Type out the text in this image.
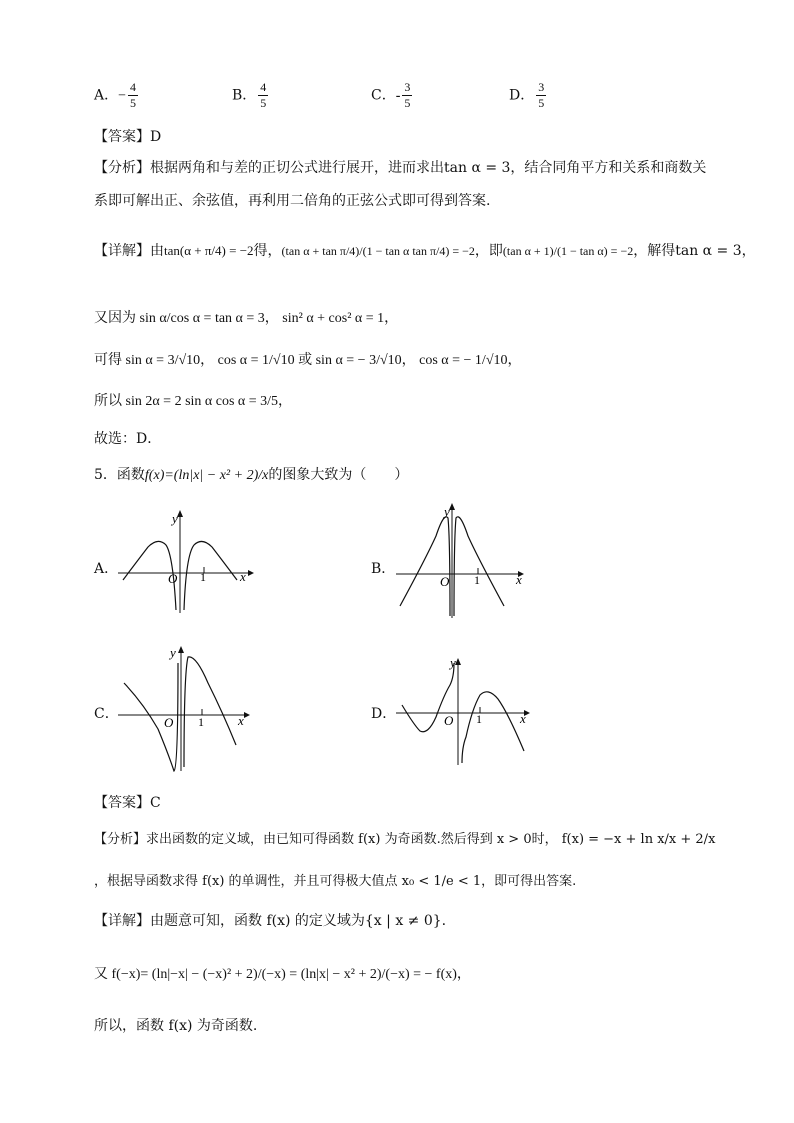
A．− $\frac{4}{5}$	B． $\frac{4}{5}$	C．- $\frac{3}{5}$	D． $\frac{3}{5}$
【答案】D
【分析】根据两角和与差的正切公式进行展开，进而求出tan α = 3，结合同角平方和关系和商数关
系即可解出正、余弦值，再利用二倍角的正弦公式即可得到答案.
【详解】由tan(α + π/4) = −2得，(tan α + tan π/4)/(1 − tan α tan π/4) = −2，即(tan α + 1)/(1 − tan α) = −2，解得tan α = 3，
又因为 sin α/cos α = tan α = 3， sin² α + cos² α = 1，
可得 sin α = 3/√10， cos α = 1/√10 或 sin α = − 3/√10， cos α = − 1/√10，
所以 sin 2α = 2 sin α cos α = 3/5，
故选：D．
5．函数f(x)=(ln|x| − x² + 2)/x的图象大致为（　　）
A．	B．
C．	D．
y
x
O 1
y
x
O 1
y
x
O 1
y
x
O 1
【答案】C
【分析】求出函数的定义域，由已知可得函数 f(x) 为奇函数.然后得到 x > 0时， f(x) = −x + ln x/x + 2/x
，根据导函数求得 f(x) 的单调性，并且可得极大值点 x₀ < 1/e < 1，即可得出答案.
【详解】由题意可知，函数 f(x) 的定义域为{x | x ≠ 0}.
又 f(−x)= (ln|−x| − (−x)² + 2)/(−x) = (ln|x| − x² + 2)/(−x) = − f(x)，
所以，函数 f(x) 为奇函数.
